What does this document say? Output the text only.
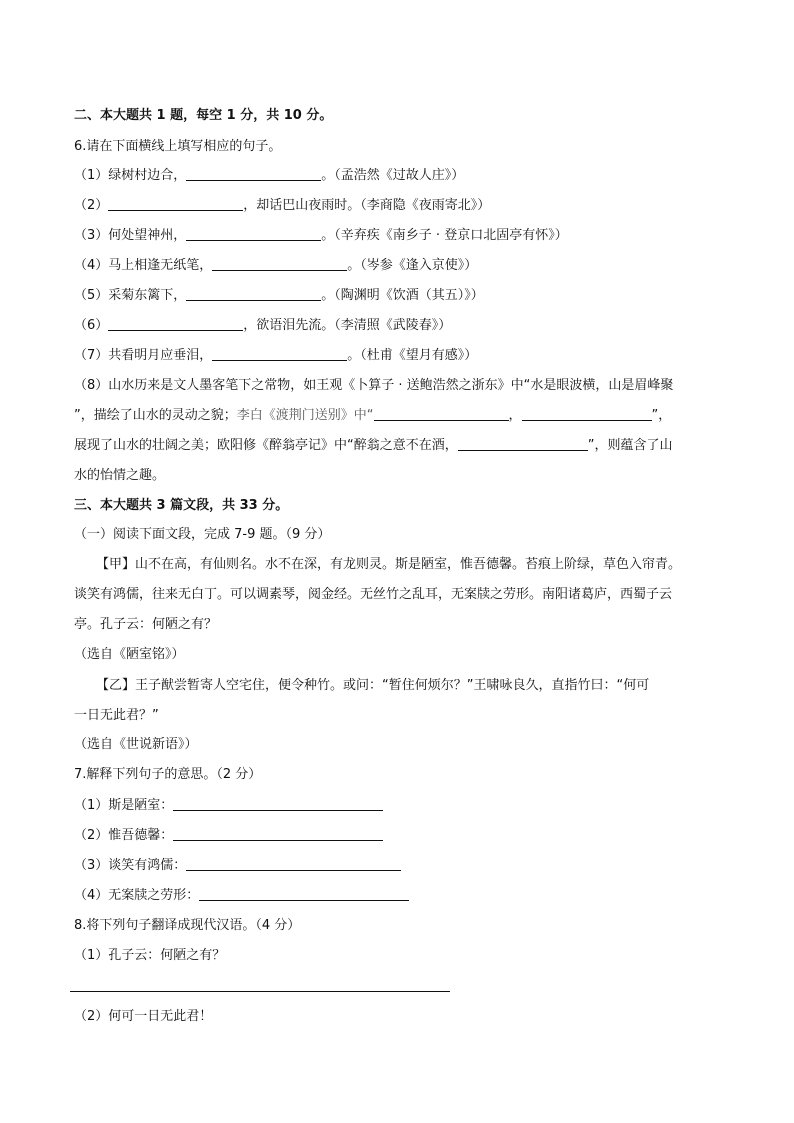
二、本大题共 1 题，每空 1 分，共 10 分。
6.请在下面横线上填写相应的句子。
（1）绿树村边合，	。（孟浩然《过故人庄》）
（2）	，却话巴山夜雨时。（李商隐《夜雨寄北》）
（3）何处望神州，	。（辛弃疾《南乡子 · 登京口北固亭有怀》）
（4）马上相逢无纸笔，	。（岑参《逢入京使》）
（5）采菊东篱下，	。（陶渊明《饮酒（其五）》）
（6）	，欲语泪先流。（李清照《武陵春》）
（7）共看明月应垂泪，	。（杜甫《望月有感》）
（8）山水历来是文人墨客笔下之常物，如王观《卜算子 · 送鲍浩然之浙东》中“水是眼波横，山是眉峰聚
”，描绘了山水的灵动之貌；李白《渡荆门送别》中“	，	”，
展现了山水的壮阔之美；欧阳修《醉翁亭记》中“醉翁之意不在酒，	”，则蕴含了山
水的怡情之趣。
三、本大题共 3 篇文段，共 33 分。
（一）阅读下面文段，完成 7-9 题。（9 分）
【甲】山不在高，有仙则名。水不在深，有龙则灵。斯是陋室，惟吾德馨。苔痕上阶绿，草色入帘青。
谈笑有鸿儒，往来无白丁。可以调素琴，阅金经。无丝竹之乱耳，无案牍之劳形。南阳诸葛庐，西蜀子云
亭。孔子云：何陋之有？
（选自《陋室铭》）
【乙】王子猷尝暂寄人空宅住，便令种竹。或问：“暂住何烦尔？”王啸咏良久，直指竹曰：“何可
一日无此君？”
（选自《世说新语》）
7.解释下列句子的意思。（2 分）
（1）斯是陋室：
（2）惟吾德馨：
（3）谈笑有鸿儒：
（4）无案牍之劳形：
8.将下列句子翻译成现代汉语。（4 分）
（1）孔子云：何陋之有？
（2）何可一日无此君！
